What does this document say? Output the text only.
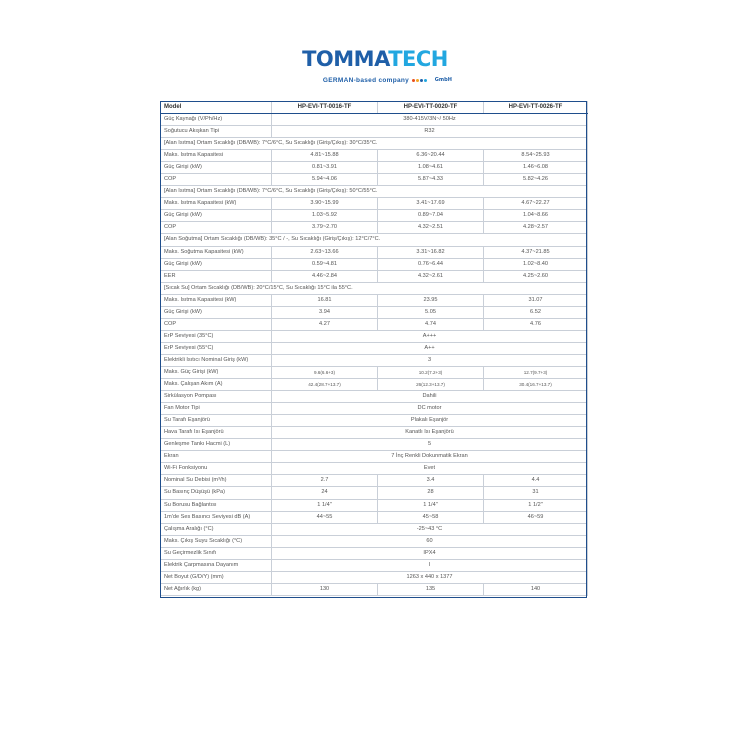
TOMMATECH
GmbH
GERMAN-based company
Model	HP-EVI-TT-0016-TF	HP-EVI-TT-0020-TF	HP-EVI-TT-0026-TF
Güç Kaynağı (V/Ph/Hz)	380-415V/3N~/ 50Hz		
Soğutucu Akışkan Tipi	R32		
[Alan Isıtma] Ortam Sıcaklığı (DB/WB): 7°C/6°C, Su Sıcaklığı (Giriş/Çıkış): 30°C/35°C.			
Maks. Isıtma Kapasitesi	4.81~15.88	6.36~20.44	8.54~25.93
Güç Girişi (kW)	0.81~3.91	1.08~4.61	1.46~6.08
COP	5.94~4.06	5.87~4.33	5.82~4.26
[Alan Isıtma] Ortam Sıcaklığı (DB/WB): 7°C/6°C, Su Sıcaklığı (Giriş/Çıkış): 50°C/55°C.			
Maks. Isıtma Kapasitesi (kW)	3.90~15.99	3.41~17.69	4.67~22.27
Güç Girişi (kW)	1.03~5.92	0.89~7.04	1.04~8.66
COP	3.79~2.70	4.32~2.51	4.28~2.57
[Alan Soğutma] Ortam Sıcaklığı (DB/WB): 35°C / -, Su Sıcaklığı (Giriş/Çıkış): 12°C/7°C.			
Maks. Soğutma Kapasitesi (kW)	2.63~13.66	3.31~16.82	4.37~21.85
Güç Girişi (kW)	0.59~4.81	0.76~6.44	1.02~8.40
EER	4.46~2.84	4.32~2.61	4.25~2.60
[Sıcak Su] Ortam Sıcaklığı (DB/WB): 20°C/15°C, Su Sıcaklığı 15°C ila 55°C.			
Maks. Isıtma Kapasitesi (kW)	16.81	23.95	31.07
Güç Girişi (kW)	3.94	5.05	6.52
COP	4.27	4.74	4.76
ErP Seviyesi (35°C)	A+++		
ErP Seviyesi (55°C)	A++		
Elektrikli Isıtıcı Nominal Giriş (kW)	3		
Maks. Güç Girişi (kW)	9.6(6.6+3)	10.2(7.2+3)	12.7(9.7+3)
Maks. Çalışan Akım (A)	42.4(28.7+13.7)	26(12.3+13.7)	30.4(16.7+13.7)
Sirkülasyon Pompası	Dahili		
Fan Motor Tipi	DC motor		
Su Tarafı Eşanjörü	Plakalı Eşanjör		
Hava Tarafı Isı Eşanjörü	Kanatlı Isı Eşanjörü		
Genleşme Tankı Hacmi (L)	5		
Ekran	7 İnç Renkli Dokunmatik Ekran		
Wi-Fi Fonksiyonu	Evet		
Nominal Su Debisi (m³/h)	2.7	3.4	4.4
Su Basınç Düşüşü (kPa)	24	28	31
Su Borusu Bağlantısı	1 1/4"	1 1/4"	1 1/2"
1m'de Ses Basıncı Seviyesi dB (A)	44~55	45~58	46~59
Çalışma Aralığı (°C)	-25~43 °C		
Maks. Çıkış Suyu Sıcaklığı (°C)	60		
Su Geçirmezlik Sınıfı	IPX4		
Elektrik Çarpmasına Dayanım	I		
Net Boyut (G/D/Y) (mm)	1263 x 440 x 1377		
Net Ağırlık (kg)	130	135	140
